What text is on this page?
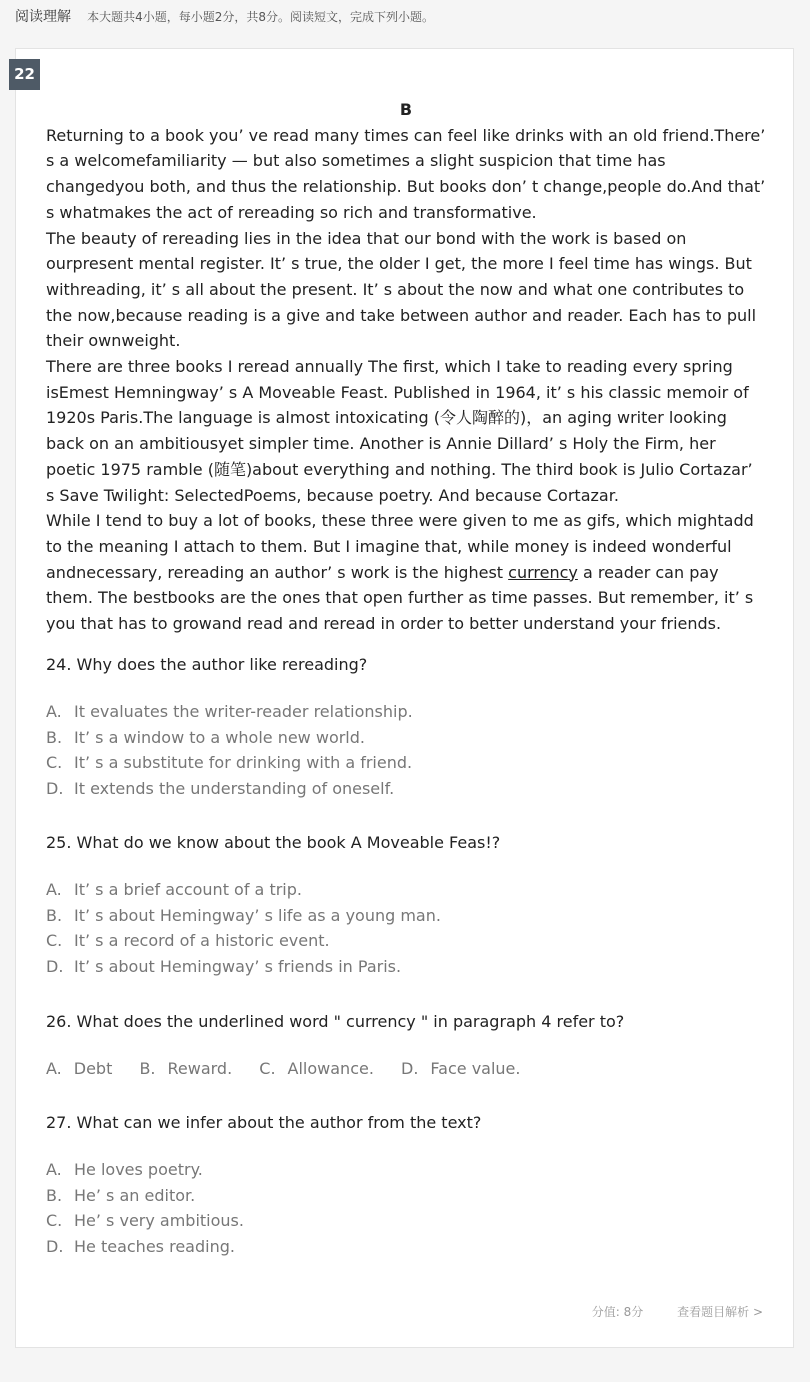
阅读理解 本大题共4小题，每小题2分，共8分。阅读短文，完成下列小题。
22
B

Returning to a book you’ ve read many times can feel like drinks with an old friend.There’ s a welcomefamiliarity — but also sometimes a slight suspicion that time has changedyou both, and thus the relationship. But books don’ t change,people do.And that’ s whatmakes the act of rereading so rich and transformative.

The beauty of rereading lies in the idea that our bond with the work is based on ourpresent mental register. It’ s true, the older I get, the more I feel time has wings. But withreading, it’ s all about the present. It’ s about the now and what one contributes to the now,because reading is a give and take between author and reader. Each has to pull their ownweight.

There are three books I reread annually The first, which I take to reading every spring isEmest Hemningway’ s A Moveable Feast. Published in 1964, it’ s his classic memoir of 1920s Paris.The language is almost intoxicating (令人陶醉的)，an aging writer looking back on an ambitiousyet simpler time. Another is Annie Dillard’ s Holy the Firm, her poetic 1975 ramble (随笔)about everything and nothing. The third book is Julio Cortazar’ s Save Twilight: SelectedPoems, because poetry. And because Cortazar.

While I tend to buy a lot of books, these three were given to me as gifs, which mightadd to the meaning I attach to them. But I imagine that, while money is indeed wonderful andnecessary, rereading an author’ s work is the highest currency a reader can pay them. The bestbooks are the ones that open further as time passes. But remember, it’ s you that has to growand read and reread in order to better understand your friends.

24. Why does the author like rereading?
A. It evaluates the writer-reader relationship.
B. It’ s a window to a whole new world.
C. It’ s a substitute for drinking with a friend.
D. It extends the understanding of oneself.
25. What do we know about the book A Moveable Feas!?
A. It’ s a brief account of a trip.
B. It’ s about Hemingway’ s life as a young man.
C. It’ s a record of a historic event.
D. It’ s about Hemingway’ s friends in Paris.
26. What does the underlined word " currency " in paragraph 4 refer to?
A. Debt B. Reward. C. Allowance. D. Face value.
27. What can we infer about the author from the text?
A. He loves poetry.
B. He’ s an editor.
C. He’ s very ambitious.
D. He teaches reading.
分值: 8分	查看题目解析 >
